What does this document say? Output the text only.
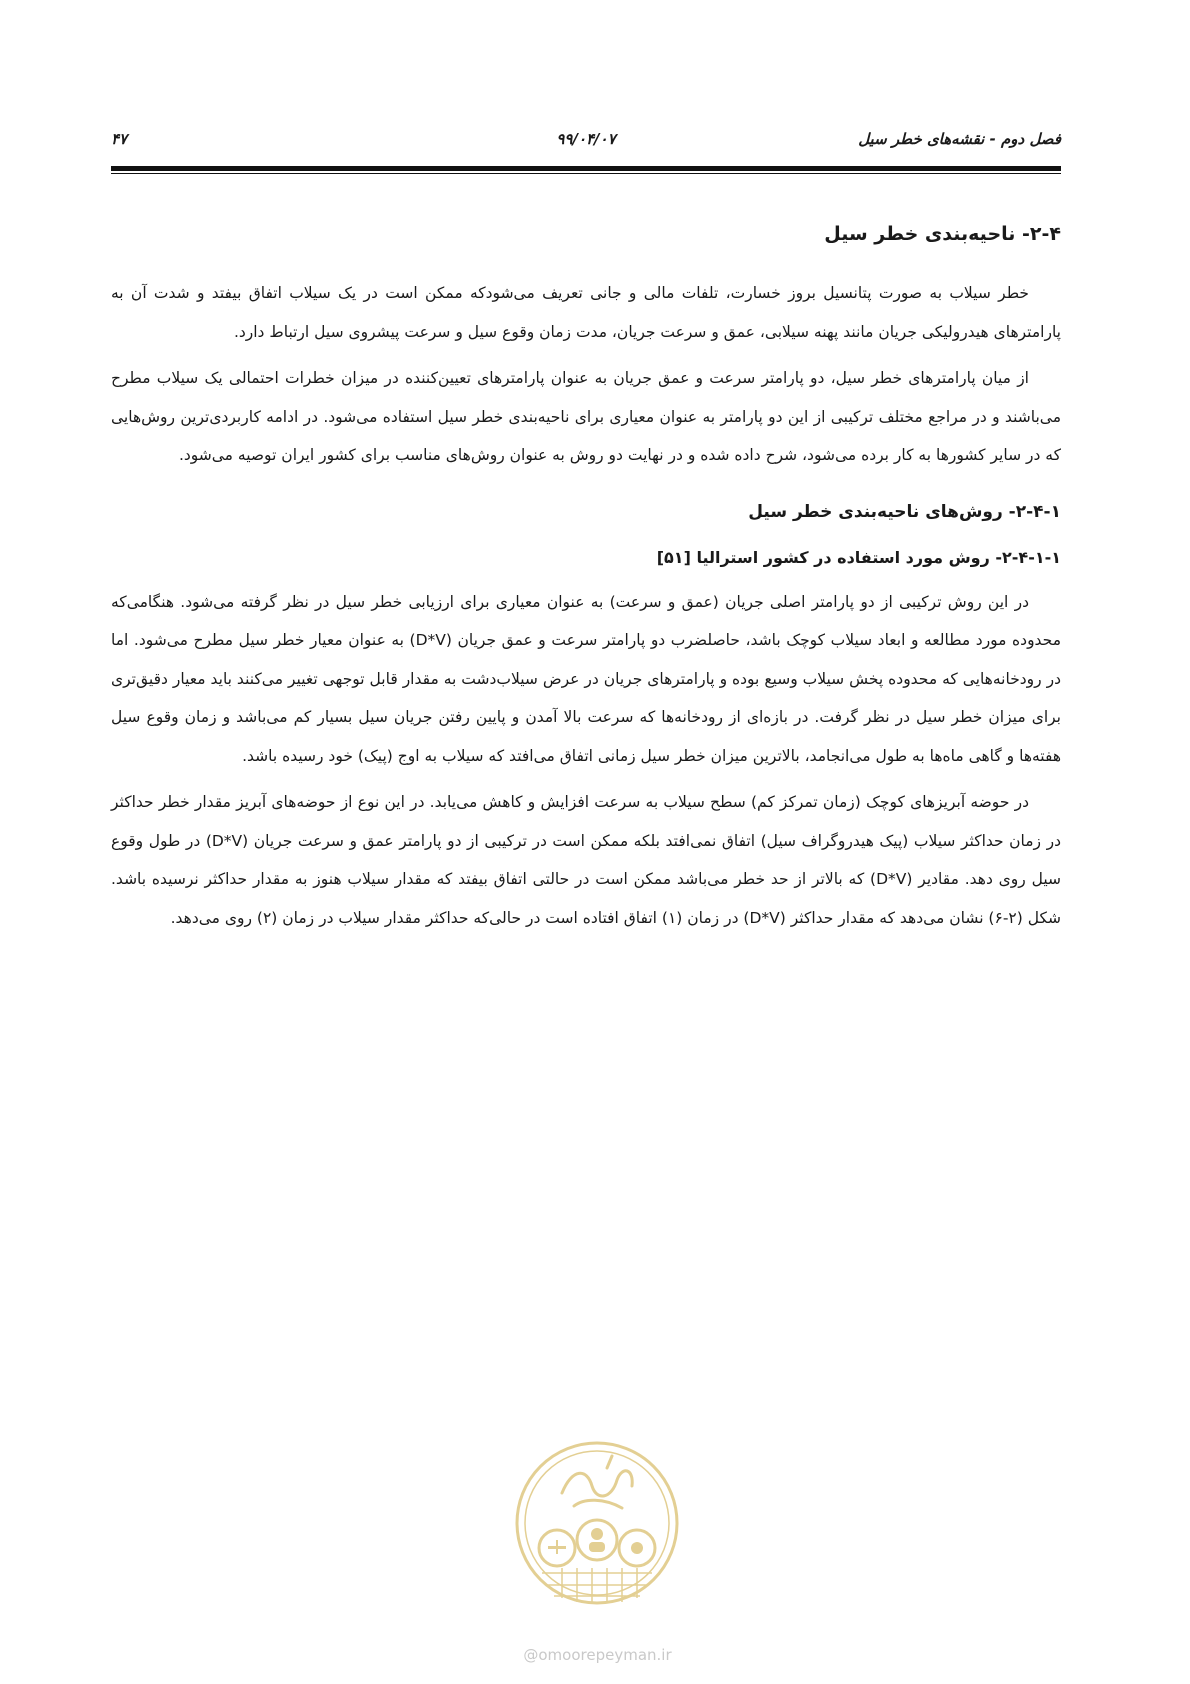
فصل دوم - نقشه‌های خطر سیل
۹۹/۰۴/۰۷
۴۷
۲-۴- ناحیه‌بندی خطر سیل

خطر سیلاب به صورت پتانسیل بروز خسارت، تلفات مالی و جانی تعریف می‌شودکه ممکن است در یک سیلاب اتفاق بیفتد و شدت آن به پارامترهای هیدرولیکی جریان مانند پهنه سیلابی، عمق و سرعت جریان، مدت زمان وقوع سیل و سرعت پیشروی سیل ارتباط دارد.

از میان پارامترهای خطر سیل، دو پارامتر سرعت و عمق جریان به عنوان پارامترهای تعیین‌کننده در میزان خطرات احتمالی یک سیلاب مطرح می‌باشند و در مراجع مختلف ترکیبی از این دو پارامتر به عنوان معیاری برای ناحیه‌بندی خطر سیل استفاده می‌شود. در ادامه کاربردی‌ترین روش‌هایی که در سایر کشورها به کار برده می‌شود، شرح داده شده و در نهایت دو روش به عنوان روش‌های مناسب برای کشور ایران توصیه می‌شود.

۲-۴-۱- روش‌های ناحیه‌بندی خطر سیل
۲-۴-۱-۱- روش مورد استفاده در کشور استرالیا [۵۱]

در این روش ترکیبی از دو پارامتر اصلی جریان (عمق و سرعت) به عنوان معیاری برای ارزیابی خطر سیل در نظر گرفته می‌شود. هنگامی‌که محدوده مورد مطالعه و ابعاد سیلاب کوچک باشد، حاصلضرب دو پارامتر سرعت و عمق جریان (D*V) به عنوان معیار خطر سیل مطرح می‌شود. اما در رودخانه‌هایی که محدوده پخش سیلاب وسیع بوده و پارامترهای جریان در عرض سیلاب‌دشت به مقدار قابل توجهی تغییر می‌کنند باید معیار دقیق‌تری برای میزان خطر سیل در نظر گرفت. در بازه‌ای از رودخانه‌ها که سرعت بالا آمدن و پایین رفتن جریان سیل بسیار کم می‌باشد و زمان وقوع سیل هفته‌ها و گاهی ماه‌ها به طول می‌انجامد، بالاترین میزان خطر سیل زمانی اتفاق می‌افتد که سیلاب به اوج (پیک) خود رسیده باشد.

در حوضه آبریزهای کوچک (زمان تمرکز کم) سطح سیلاب به سرعت افزایش و کاهش می‌یابد. در این نوع از حوضه‌های آبریز مقدار خطر حداکثر در زمان حداکثر سیلاب (پیک هیدروگراف سیل) اتفاق نمی‌افتد بلکه ممکن است در ترکیبی از دو پارامتر عمق و سرعت جریان (D*V) در طول وقوع سیل روی دهد. مقادیر (D*V) که بالاتر از حد خطر می‌باشد ممکن است در حالتی اتفاق بیفتد که مقدار سیلاب هنوز به مقدار حداکثر نرسیده باشد. شکل (۲-۶) نشان می‌دهد که مقدار حداکثر (D*V) در زمان (۱) اتفاق افتاده است در حالی‌که حداکثر مقدار سیلاب در زمان (۲) روی می‌دهد.

@omoorepeyman.ir
